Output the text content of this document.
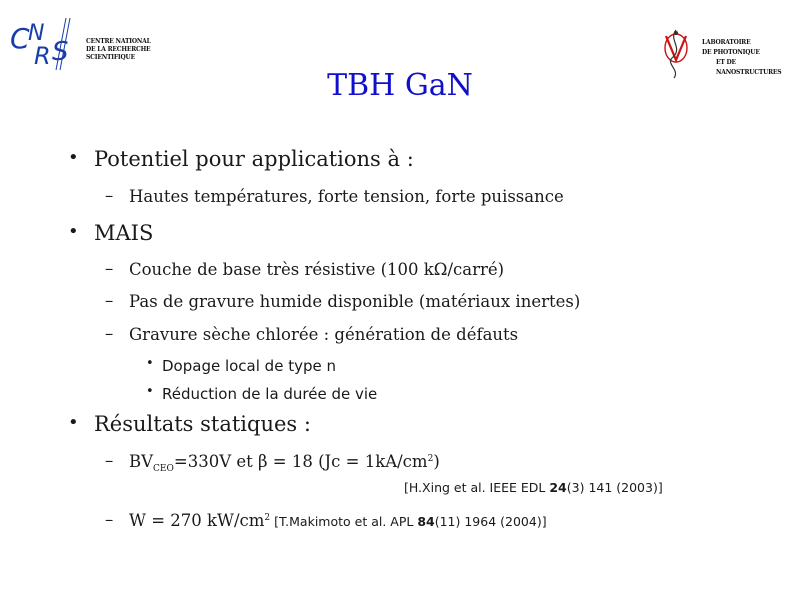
C
N
R S	CENTRE NATIONAL
DE LA RECHERCHE
SCIENTIFIQUE
LABORATOIRE
DE PHOTONIQUE
ET DE NANOSTRUCTURES
TBH GaN
• Potentiel pour applications à :
– Hautes températures, forte tension, forte puissance
• MAIS
– Couche de base très résistive (100 kΩ/carré)
– Pas de gravure humide disponible (matériaux inertes)
– Gravure sèche chlorée : génération de défauts
• Dopage local de type n
• Réduction de la durée de vie
• Résultats statiques :
– $BV_{CEO}=330V$ et β = 18 $(Jc = 1kA/cm^2)$
[H.Xing et al. IEEE EDL 24(3) 141 (2003)]
– W = 270 $kW/cm^2$ [T.Makimoto et al. APL 84(11) 1964 (2004)]
